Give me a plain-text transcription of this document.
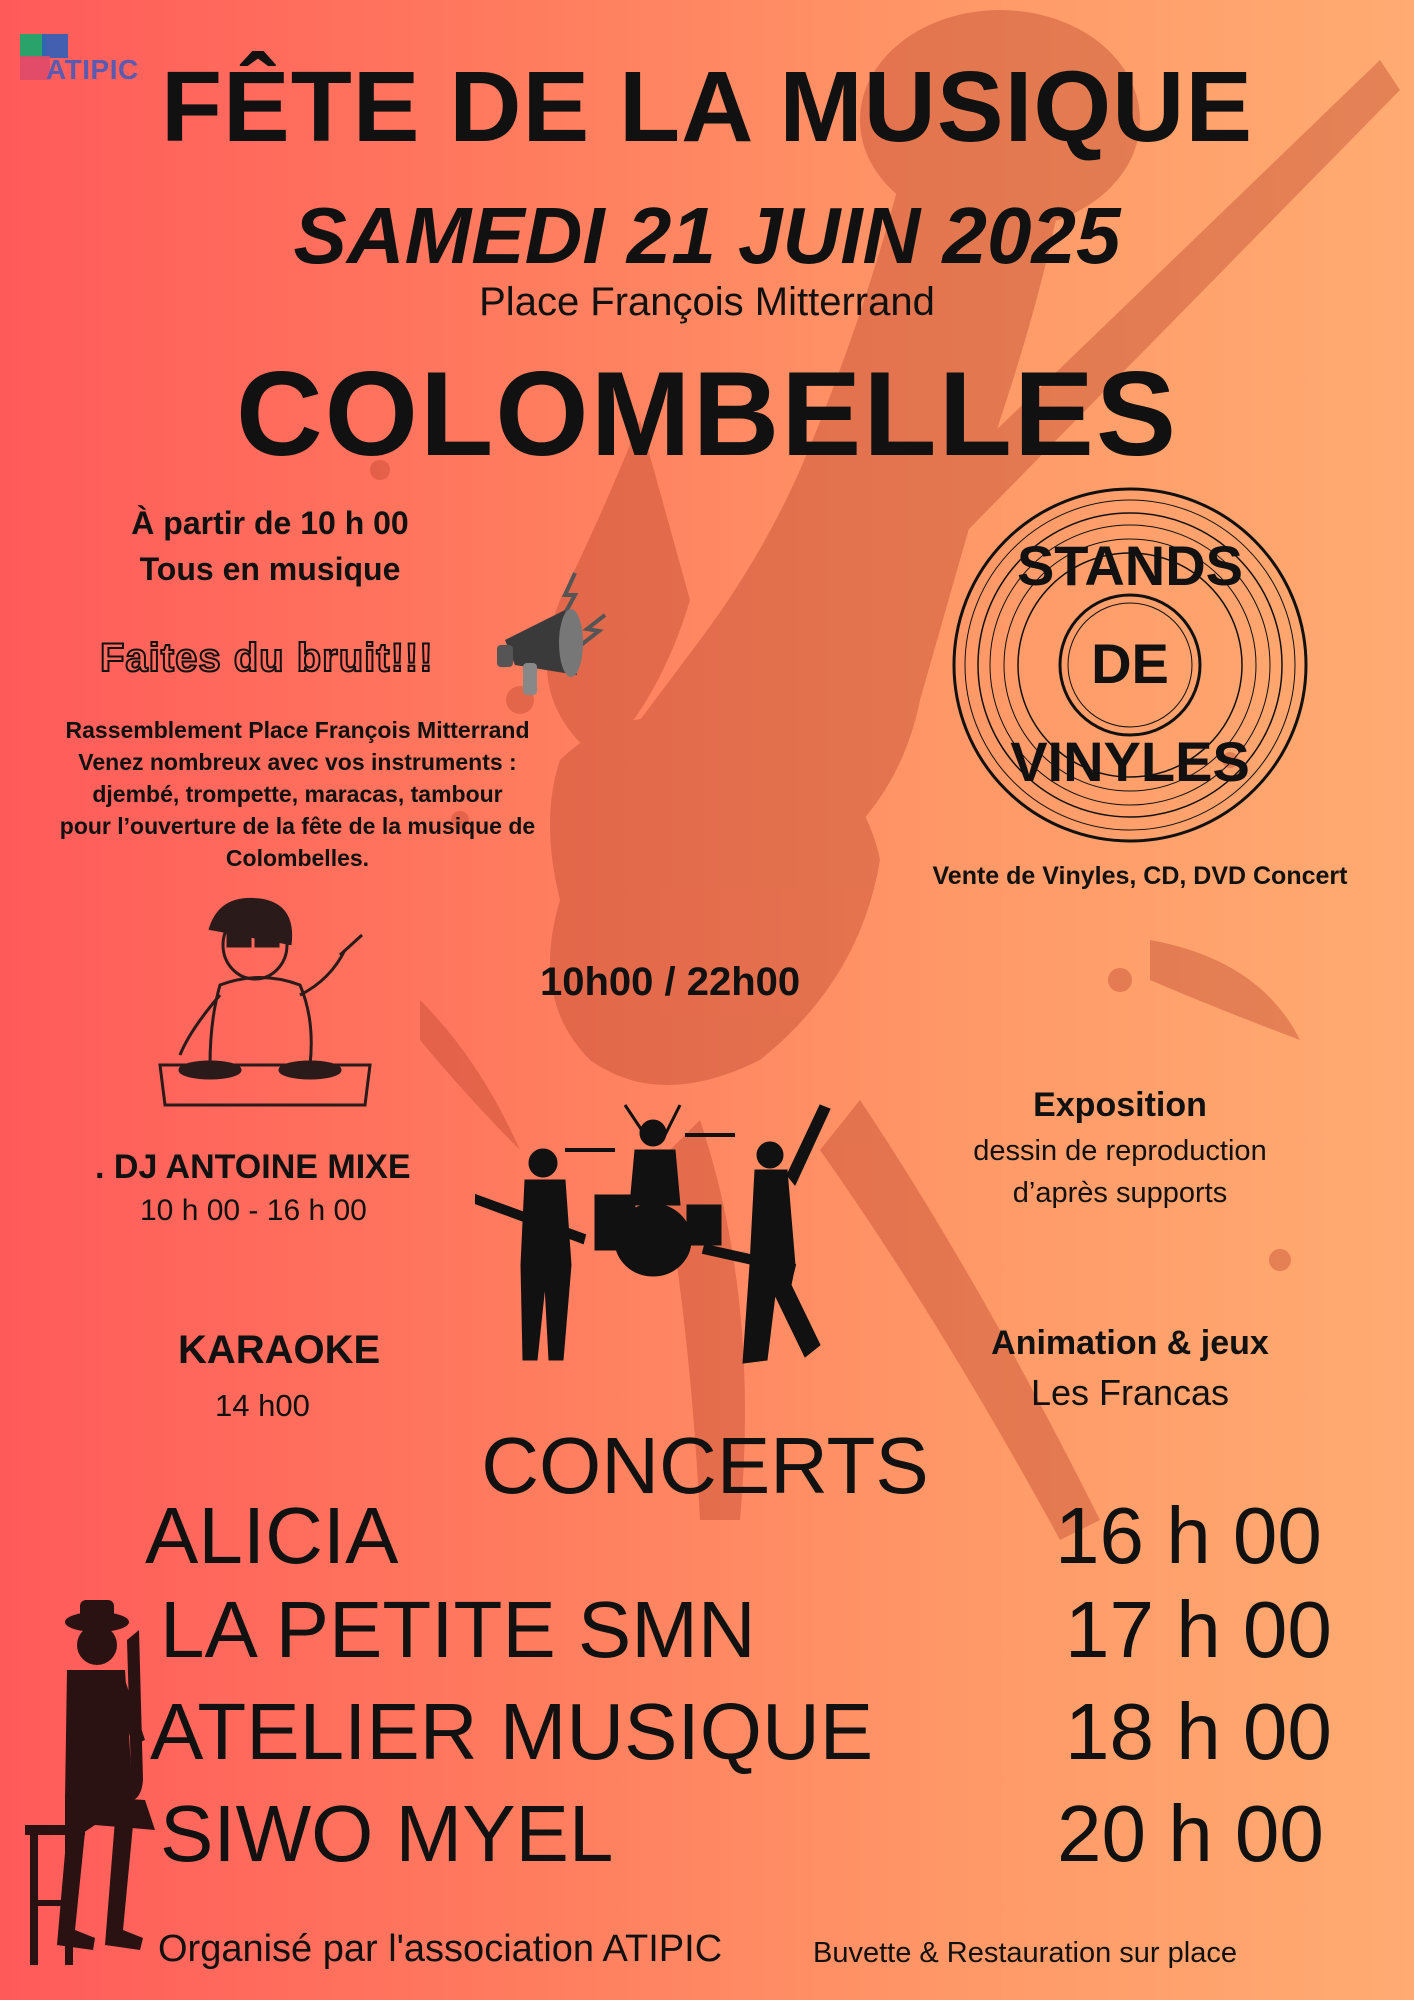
ATIPIC FÊTE DE LA MUSIQUE
SAMEDI 21 JUIN 2025
Place François Mitterrand
COLOMBELLES
À partir de 10 h 00
Tous en musique
Faites du bruit!!!
Rassemblement Place François Mitterrand
Venez nombreux avec vos instruments :
djembé, trompette, maracas, tambour
pour l’ouverture de la fête de la musique de
Colombelles.
STANDS
DE
VINYLES
Vente de Vinyles, CD, DVD Concert
10h00 / 22h00
. DJ ANTOINE MIXE
10 h 00 - 16 h 00
Exposition
dessin de reproduction
d’après supports
KARAOKE
14 h00
Animation & jeux
Les Francas
CONCERTS
ALICIA	16 h 00
LA PETITE SMN	17 h 00
ATELIER MUSIQUE 18 h 00
SIWO MYEL	20 h 00
Organisé par l'association ATIPIC	Buvette & Restauration sur place
